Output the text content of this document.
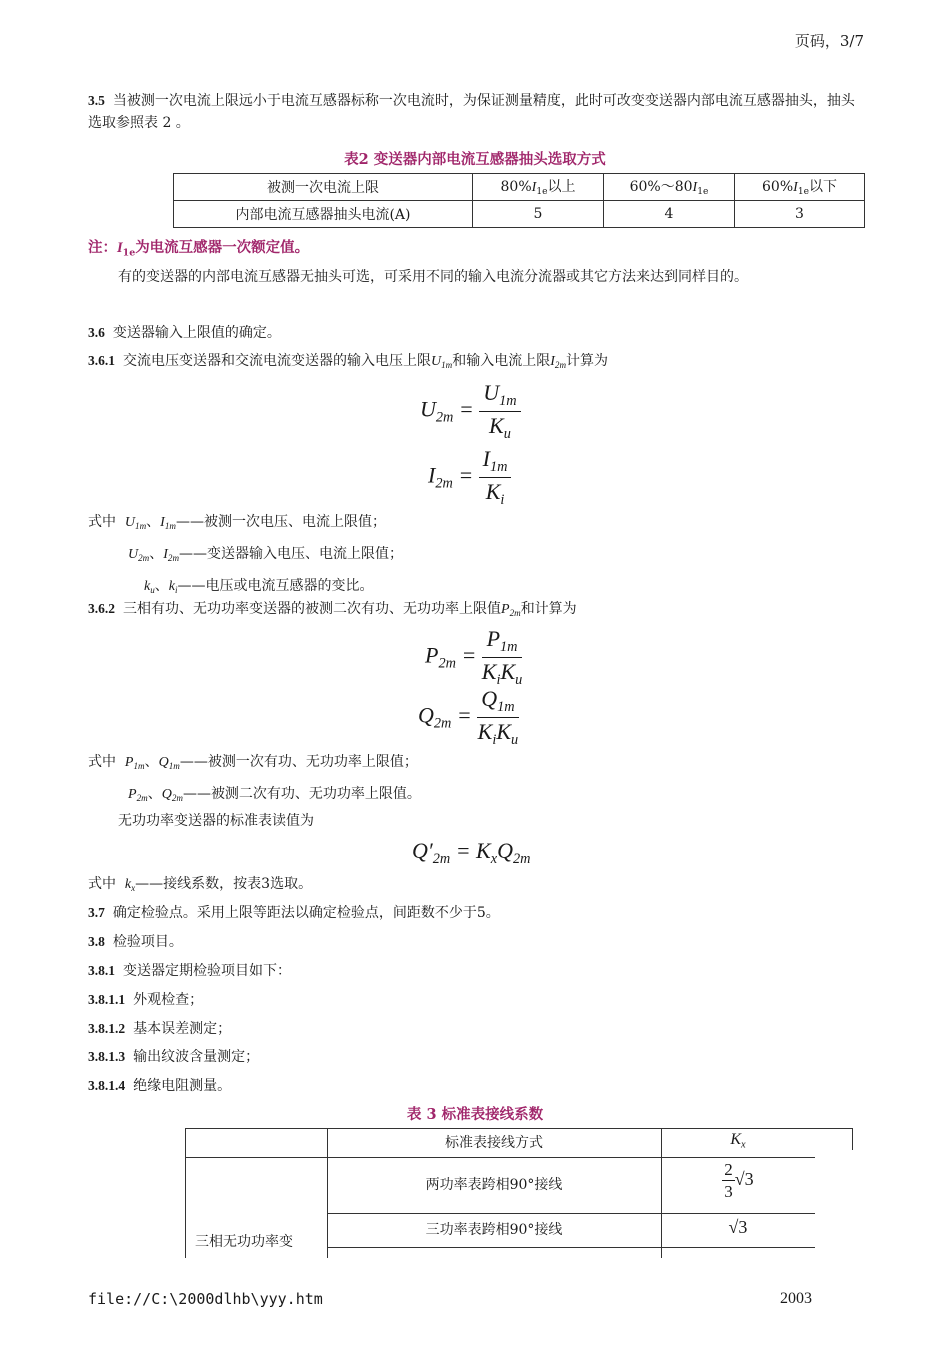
页码，3/7
3.5 当被测一次电流上限远小于电流互感器标称一次电流时，为保证测量精度，此时可改变变送器内部电流互感器抽头，抽头选取参照表 2 。
表2 变送器内部电流互感器抽头选取方式
被测一次电流上限	$80\%I_{1e}$以上	$60\%\sim 80I_{1e}$	$60\%I_{1e}$以下
内部电流互感器抽头电流(A)	5	4	3
注：$I_{1e}$为电流互感器一次额定值。
有的变送器的内部电流互感器无抽头可选，可采用不同的输入电流分流器或其它方法来达到同样目的。
3.6 变送器输入上限值的确定。
3.6.1 交流电压变送器和交流电流变送器的输入电压上限$U_{1m}$和输入电流上限$I_{2m}$计算为
$U_{2m} = \frac{U_{1m}}{K_u}$
$I_{2m} = \frac{I_{1m}}{K_i}$
式中 $U_{1m}$、$I_{1m}——$被测一次电压、电流上限值；
$U_{2m}$、$I_{2m}——$变送器输入电压、电流上限值；
$k_u$、$k_i——$电压或电流互感器的变比。
3.6.2 三相有功、无功功率变送器的被测二次有功、无功功率上限值$P_{2m}$和计算为
$P_{2m} = \frac{P_{1m}}{K_iK_u}$
$Q_{2m} = \frac{Q_{1m}}{K_iK_u}$
式中 $P_{1m}$、$Q_{1m}——$被测一次有功、无功功率上限值；
$P_{2m}$、$Q_{2m}——$被测二次有功、无功功率上限值。
无功功率变送器的标准表读值为
$Q'_{2m} = K_xQ_{2m}$
式中 $k_x——$接线系数，按表3选取。
3.7 确定检验点。采用上限等距法以确定检验点，间距数不少于5。
3.8 检验项目。
3.8.1 变送器定期检验项目如下：
3.8.1.1 外观检查；
3.8.1.2 基本误差测定；
3.8.1.3 输出纹波含量测定；
3.8.1.4 绝缘电阻测量。
表 3 标准表接线系数
标准表接线方式	$K_x$
两功率表跨相90°接线	$\frac{2}{3} √3$
三功率表跨相90°接线	√3
三相无功功率变
file://C:\2000dlhb\yyy.htm	2003
